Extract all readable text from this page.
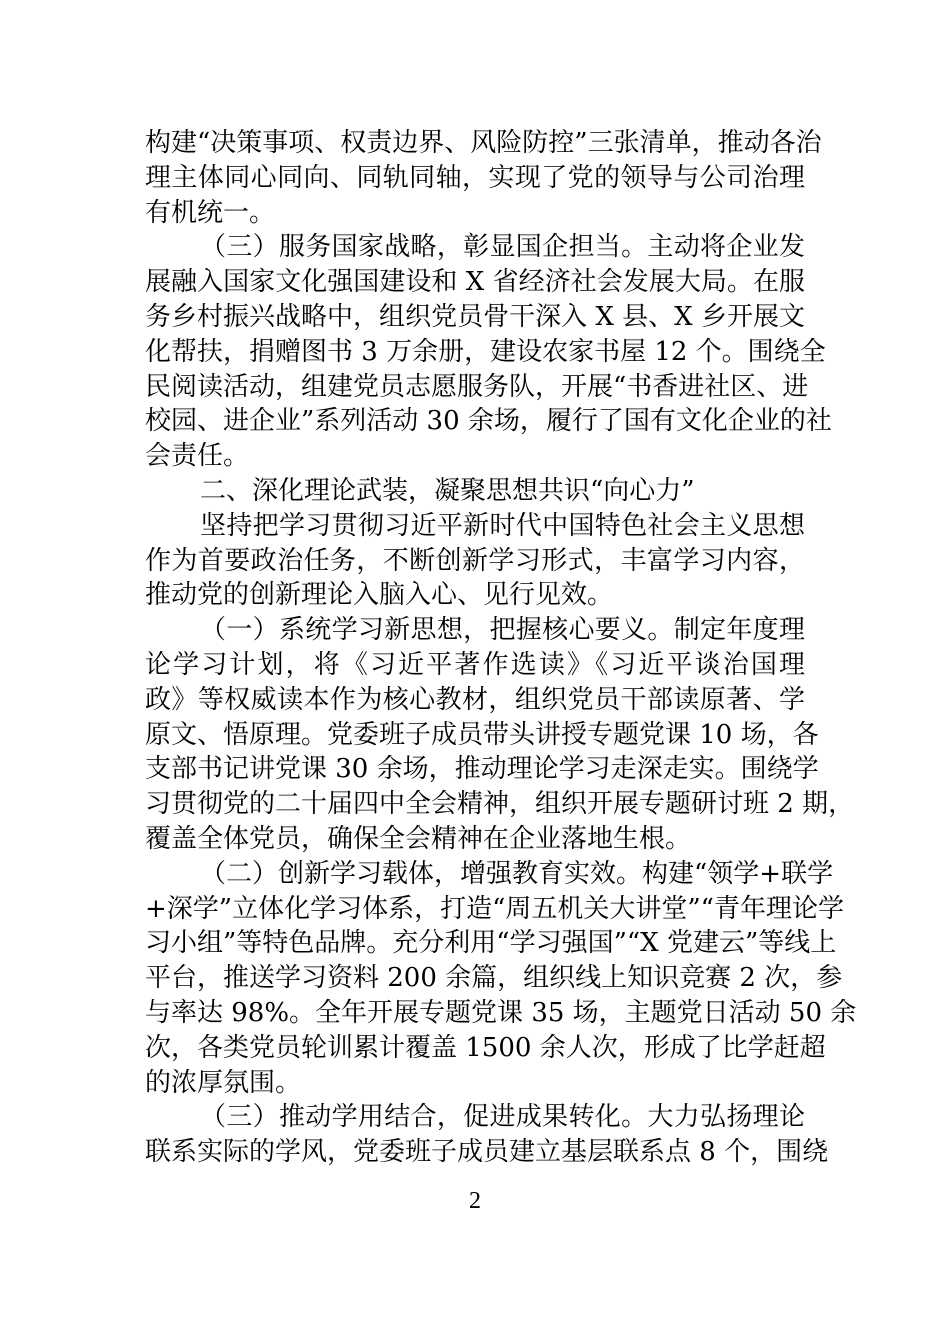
构建“决策事项、权责边界、风险防控”三张清单，推动各治
理主体同心同向、同轨同轴，实现了党的领导与公司治理
有机统一。
（三）服务国家战略，彰显国企担当。主动将企业发
展融入国家文化强国建设和 X 省经济社会发展大局。在服
务乡村振兴战略中，组织党员骨干深入 X 县、X 乡开展文
化帮扶，捐赠图书 3 万余册，建设农家书屋 12 个。围绕全
民阅读活动，组建党员志愿服务队，开展“书香进社区、进
校园、进企业”系列活动 30 余场，履行了国有文化企业的社
会责任。
二、深化理论武装，凝聚思想共识“向心力”
坚持把学习贯彻习近平新时代中国特色社会主义思想
作为首要政治任务，不断创新学习形式，丰富学习内容，
推动党的创新理论入脑入心、见行见效。
（一）系统学习新思想，把握核心要义。制定年度理
论学习计划，将《习近平著作选读》《习近平谈治国理
政》等权威读本作为核心教材，组织党员干部读原著、学
原文、悟原理。党委班子成员带头讲授专题党课 10 场，各
支部书记讲党课 30 余场，推动理论学习走深走实。围绕学
习贯彻党的二十届四中全会精神，组织开展专题研讨班 2 期，
覆盖全体党员，确保全会精神在企业落地生根。
（二）创新学习载体，增强教育实效。构建“领学+联学
+深学”立体化学习体系，打造“周五机关大讲堂”“青年理论学
习小组”等特色品牌。充分利用“学习强国”“X 党建云”等线上
平台，推送学习资料 200 余篇，组织线上知识竞赛 2 次，参
与率达 98%。全年开展专题党课 35 场，主题党日活动 50 余
次，各类党员轮训累计覆盖 1500 余人次，形成了比学赶超
的浓厚氛围。
（三）推动学用结合，促进成果转化。大力弘扬理论
联系实际的学风，党委班子成员建立基层联系点 8 个，围绕
2
